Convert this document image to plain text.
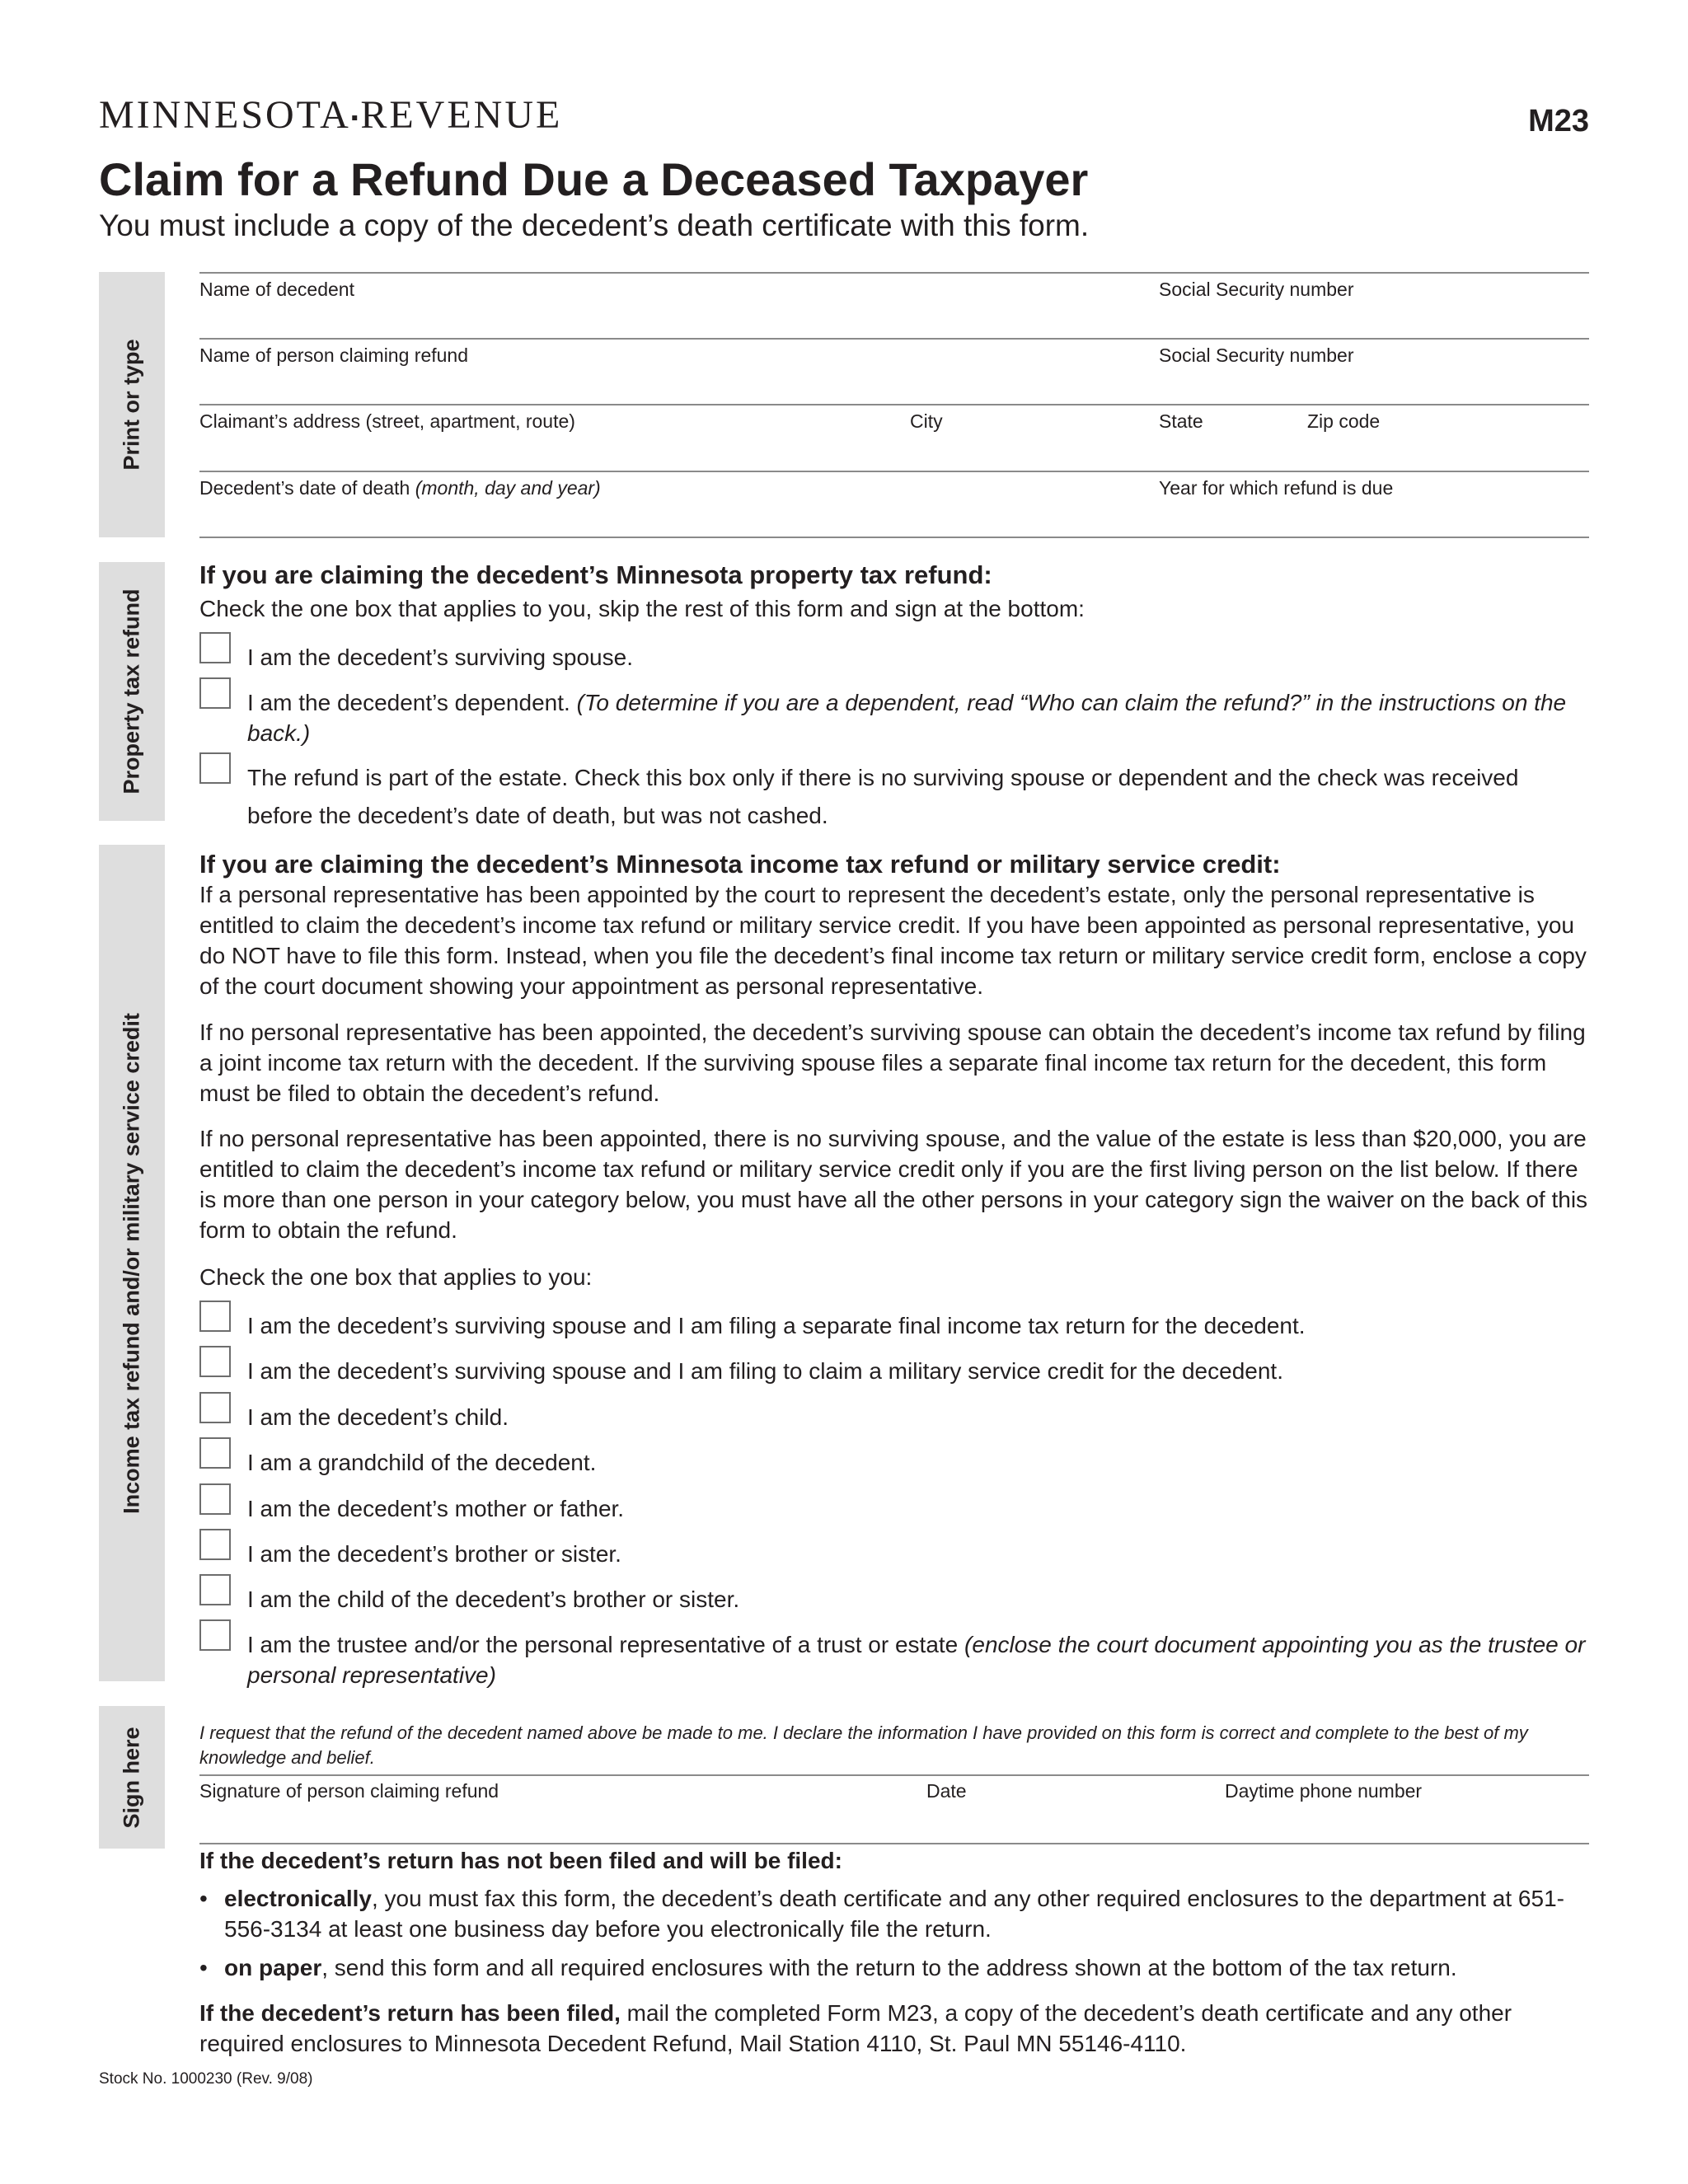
MINNESOTA▪REVENUE	M23
Claim for a Refund Due a Deceased Taxpayer
You must include a copy of the decedent’s death certificate with this form.
Print or type
Property tax refund
Income tax refund and/or military service credit
Sign here
Name of decedent	Social Security number
Name of person claiming refund	Social Security number
Claimant’s address (street, apartment, route)	City	State	Zip code
Decedent’s date of death (month, day and year)	Year for which refund is due
If you are claiming the decedent’s Minnesota property tax refund:
Check the one box that applies to you, skip the rest of this form and sign at the bottom:
I am the decedent’s surviving spouse.
I am the decedent’s dependent. (To determine if you are a dependent, read “Who can claim the refund?” in the instructions on the back.)
The refund is part of the estate. Check this box only if there is no surviving spouse or dependent and the check was received before the decedent’s date of death, but was not cashed.
If you are claiming the decedent’s Minnesota income tax refund or military service credit:
If a personal representative has been appointed by the court to represent the decedent’s estate, only the personal representative is entitled to claim the decedent’s income tax refund or military service credit. If you have been appointed as personal representative, you do NOT have to file this form. Instead, when you file the decedent’s final income tax return or military service credit form, enclose a copy of the court document showing your appointment as personal representative.
If no personal representative has been appointed, the decedent’s surviving spouse can obtain the decedent’s income tax refund by filing a joint income tax return with the decedent. If the surviving spouse files a separate final income tax return for the decedent, this form must be filed to obtain the decedent’s refund.
If no personal representative has been appointed, there is no surviving spouse, and the value of the estate is less than $20,000, you are entitled to claim the decedent’s income tax refund or military service credit only if you are the first living person on the list below. If there is more than one person in your category below, you must have all the other persons in your category sign the waiver on the back of this form to obtain the refund.
Check the one box that applies to you:
I am the decedent’s surviving spouse and I am filing a separate final income tax return for the decedent.
I am the decedent’s surviving spouse and I am filing to claim a military service credit for the decedent.
I am the decedent’s child.
I am a grandchild of the decedent.
I am the decedent’s mother or father.
I am the decedent’s brother or sister.
I am the child of the decedent’s brother or sister.
I am the trustee and/or the personal representative of a trust or estate (enclose the court document appointing you as the trustee or personal representative)
I request that the refund of the decedent named above be made to me. I declare the information I have provided on this form is correct and complete to the best of my knowledge and belief.
Signature of person claiming refund	Date	Daytime phone number
If the decedent’s return has not been filed and will be filed:
• electronically, you must fax this form, the decedent’s death certificate and any other required enclosures to the department at 651-556-3134 at least one business day before you electronically file the return.
• on paper, send this form and all required enclosures with the return to the address shown at the bottom of the tax return.
If the decedent’s return has been filed, mail the completed Form M23, a copy of the decedent’s death certificate and any other required enclosures to Minnesota Decedent Refund, Mail Station 4110, St. Paul MN 55146-4110.
Stock No. 1000230 (Rev. 9/08)
